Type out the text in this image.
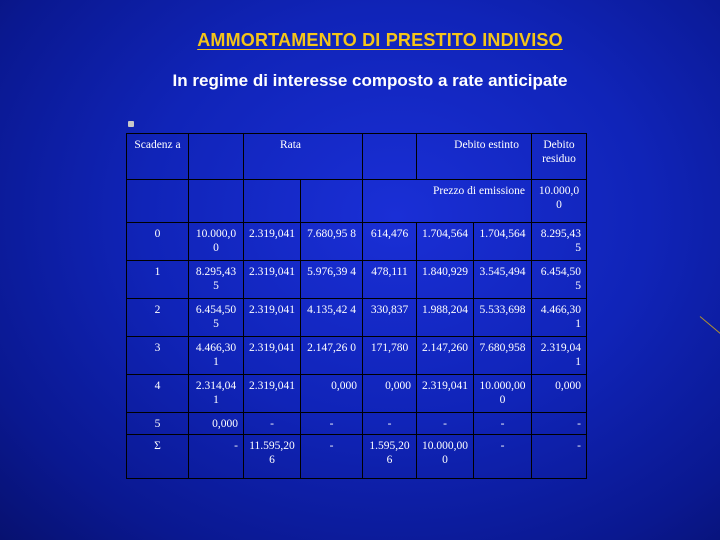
AMMORTAMENTO DI PRESTITO INDIVISO
In regime di interesse composto a rate anticipate
Scadenz a		Rata			Debito estinto		Debito residuo
				Prezzo di emissione			10.000,0 0
0	10.000,0 0	2.319,041	7.680,95 8	614,476	1.704,564	1.704,564	8.295,43 5
1	8.295,43 5	2.319,041	5.976,39 4	478,111	1.840,929	3.545,494	6.454,50 5
2	6.454,50 5	2.319,041	4.135,42 4	330,837	1.988,204	5.533,698	4.466,30 1
3	4.466,30 1	2.319,041	2.147,26 0	171,780	2.147,260	7.680,958	2.319,04 1
4	2.314,04 1	2.319,041	0,000	0,000	2.319,041	10.000,00 0	0,000
5	0,000	-	-	-	-	-	-
Σ	-	11.595,20 6	-	1.595,20 6	10.000,00 0	-	-
